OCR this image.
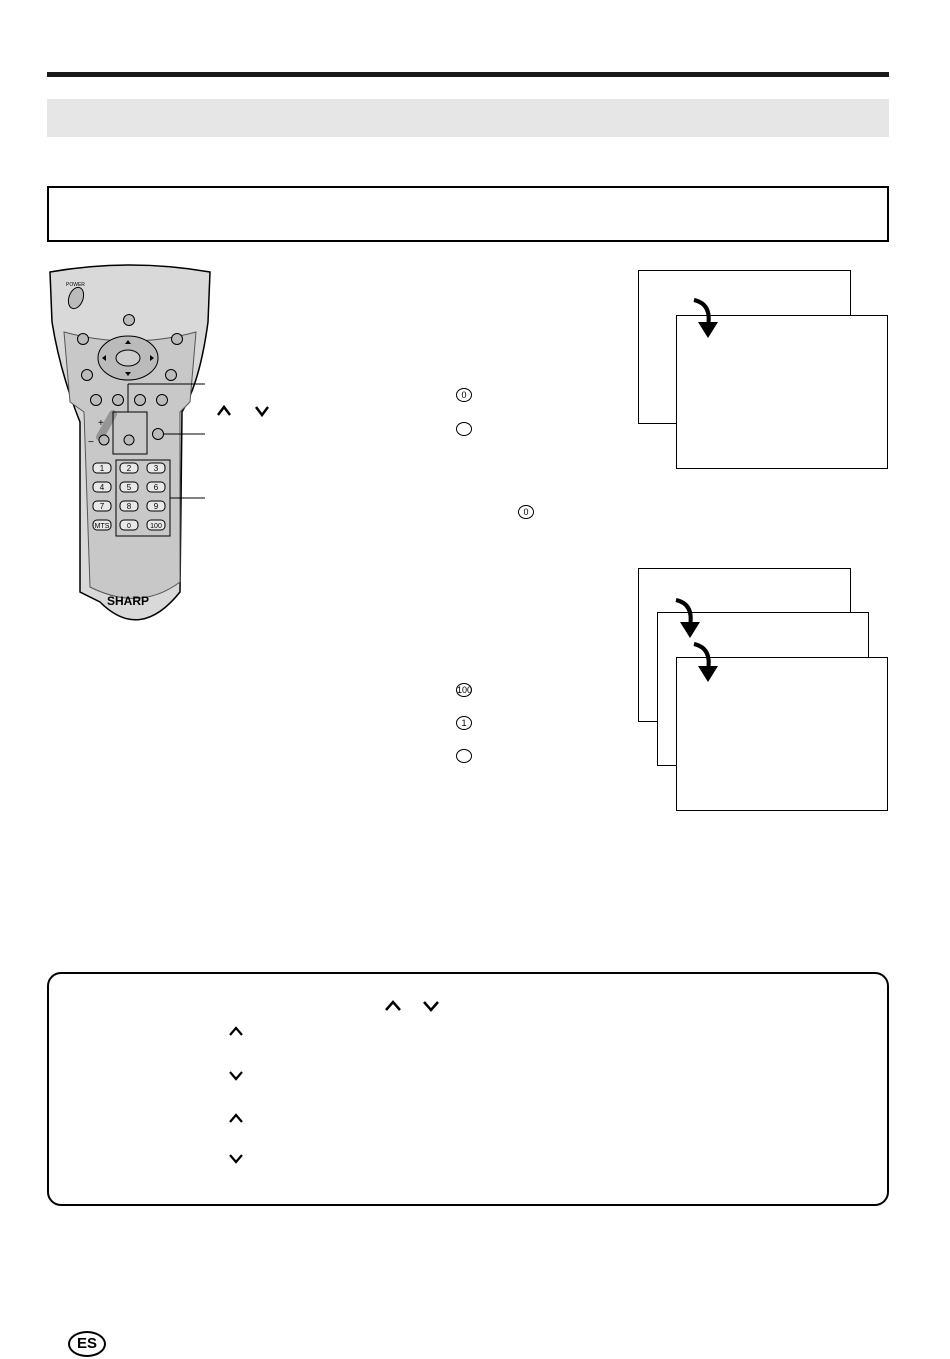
+
−
1	2	3
4	5	6
7	8	9
MTS	0	100
POWER
SHARP
0
0
100
1
ES
